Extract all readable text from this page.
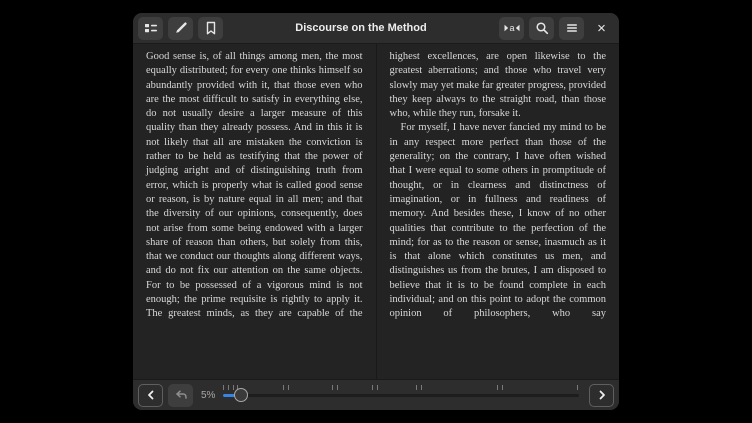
Discourse on the Method	a	×

Good sense is, of all things among men, the most equally distributed; for every one thinks himself so abundantly provided with it, that those even who are the most difficult to satisfy in everything else, do not usually desire a larger measure of this quality than they already possess. And in this it is not likely that all are mistaken the conviction is rather to be held as testifying that the power of judging aright and of distinguishing truth from error, which is properly what is called good sense or reason, is by nature equal in all men; and that the diversity of our opinions, consequently, does not arise from some being endowed with a larger share of reason than others, but solely from this, that we conduct our thoughts along different ways, and do not fix our attention on the same objects. For to be possessed of a vigorous mind is not enough; the prime requisite is rightly to apply it. The greatest minds, as they are capable of the

highest excellences, are open likewise to the greatest aberrations; and those who travel very slowly may yet make far greater progress, provided they keep always to the straight road, than those who, while they run, forsake it.

For myself, I have never fancied my mind to be in any respect more perfect than those of the generality; on the contrary, I have often wished that I were equal to some others in promptitude of thought, or in clearness and distinctness of imagination, or in fullness and readiness of memory. And besides these, I know of no other qualities that contribute to the perfection of the mind; for as to the reason or sense, inasmuch as it is that alone which constitutes us men, and distinguishes us from the brutes, I am disposed to believe that it is to be found complete in each individual; and on this point to adopt the common opinion of philosophers, who say

5%
